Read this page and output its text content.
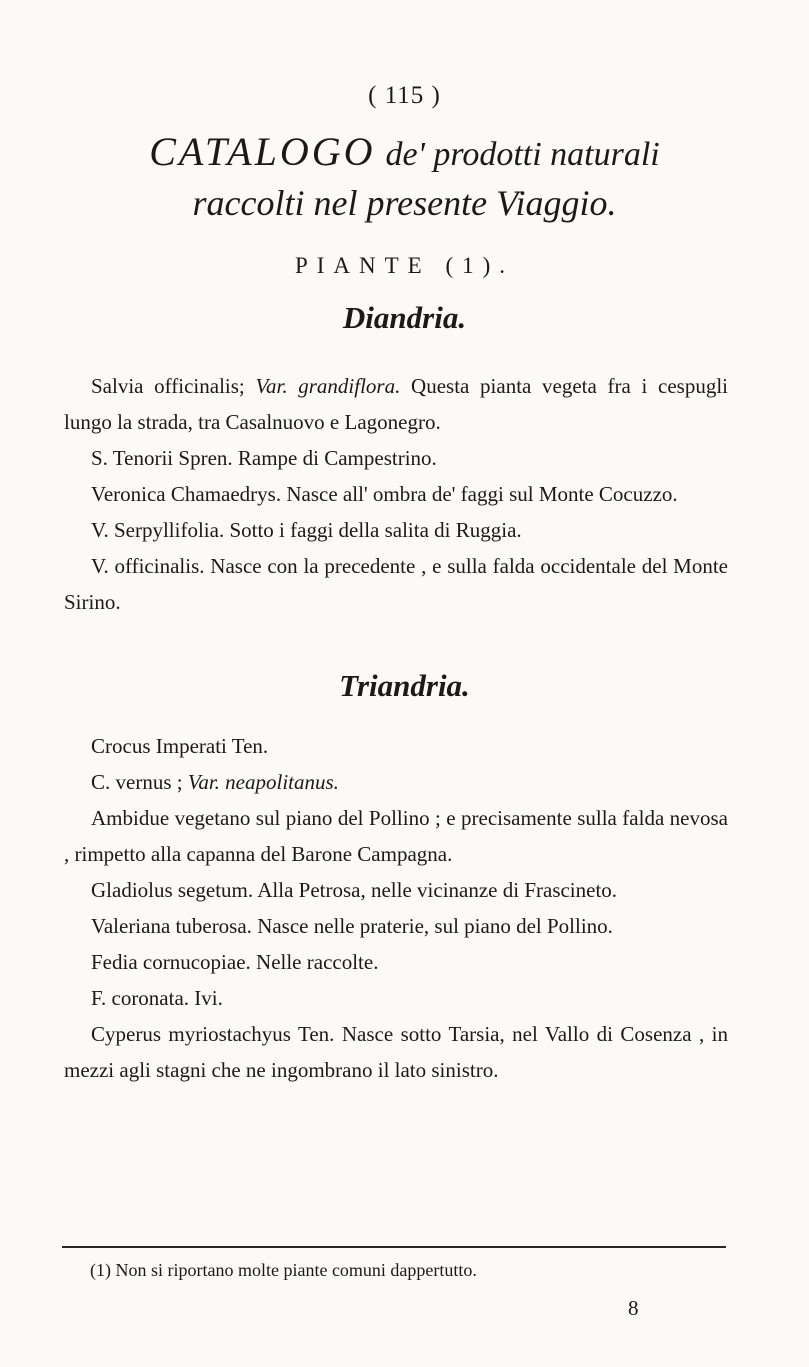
( 115 )
CATALOGO de' prodotti naturali
raccolti nel presente Viaggio.
PIANTE (1).
Diandria.

Salvia officinalis; Var. grandiflora. Questa pianta vegeta fra i cespugli lungo la strada, tra Casalnuovo e Lagonegro.

S. Tenorii Spren. Rampe di Campestrino.

Veronica Chamaedrys. Nasce all' ombra de' faggi sul Monte Cocuzzo.

V. Serpyllifolia. Sotto i faggi della salita di Ruggia.

V. officinalis. Nasce con la precedente , e sulla falda occidentale del Monte Sirino.

Triandria.

Crocus Imperati Ten.

C. vernus ; Var. neapolitanus.

Ambidue vegetano sul piano del Pollino ; e precisamente sulla falda nevosa , rimpetto alla capanna del Barone Campagna.

Gladiolus segetum. Alla Petrosa, nelle vicinanze di Frascineto.

Valeriana tuberosa. Nasce nelle praterie, sul piano del Pollino.

Fedia cornucopiae. Nelle raccolte.

F. coronata. Ivi.

Cyperus myriostachyus Ten. Nasce sotto Tarsia, nel Vallo di Cosenza , in mezzi agli stagni che ne ingombrano il lato sinistro.

(1) Non si riportano molte piante comuni dappertutto.
8
